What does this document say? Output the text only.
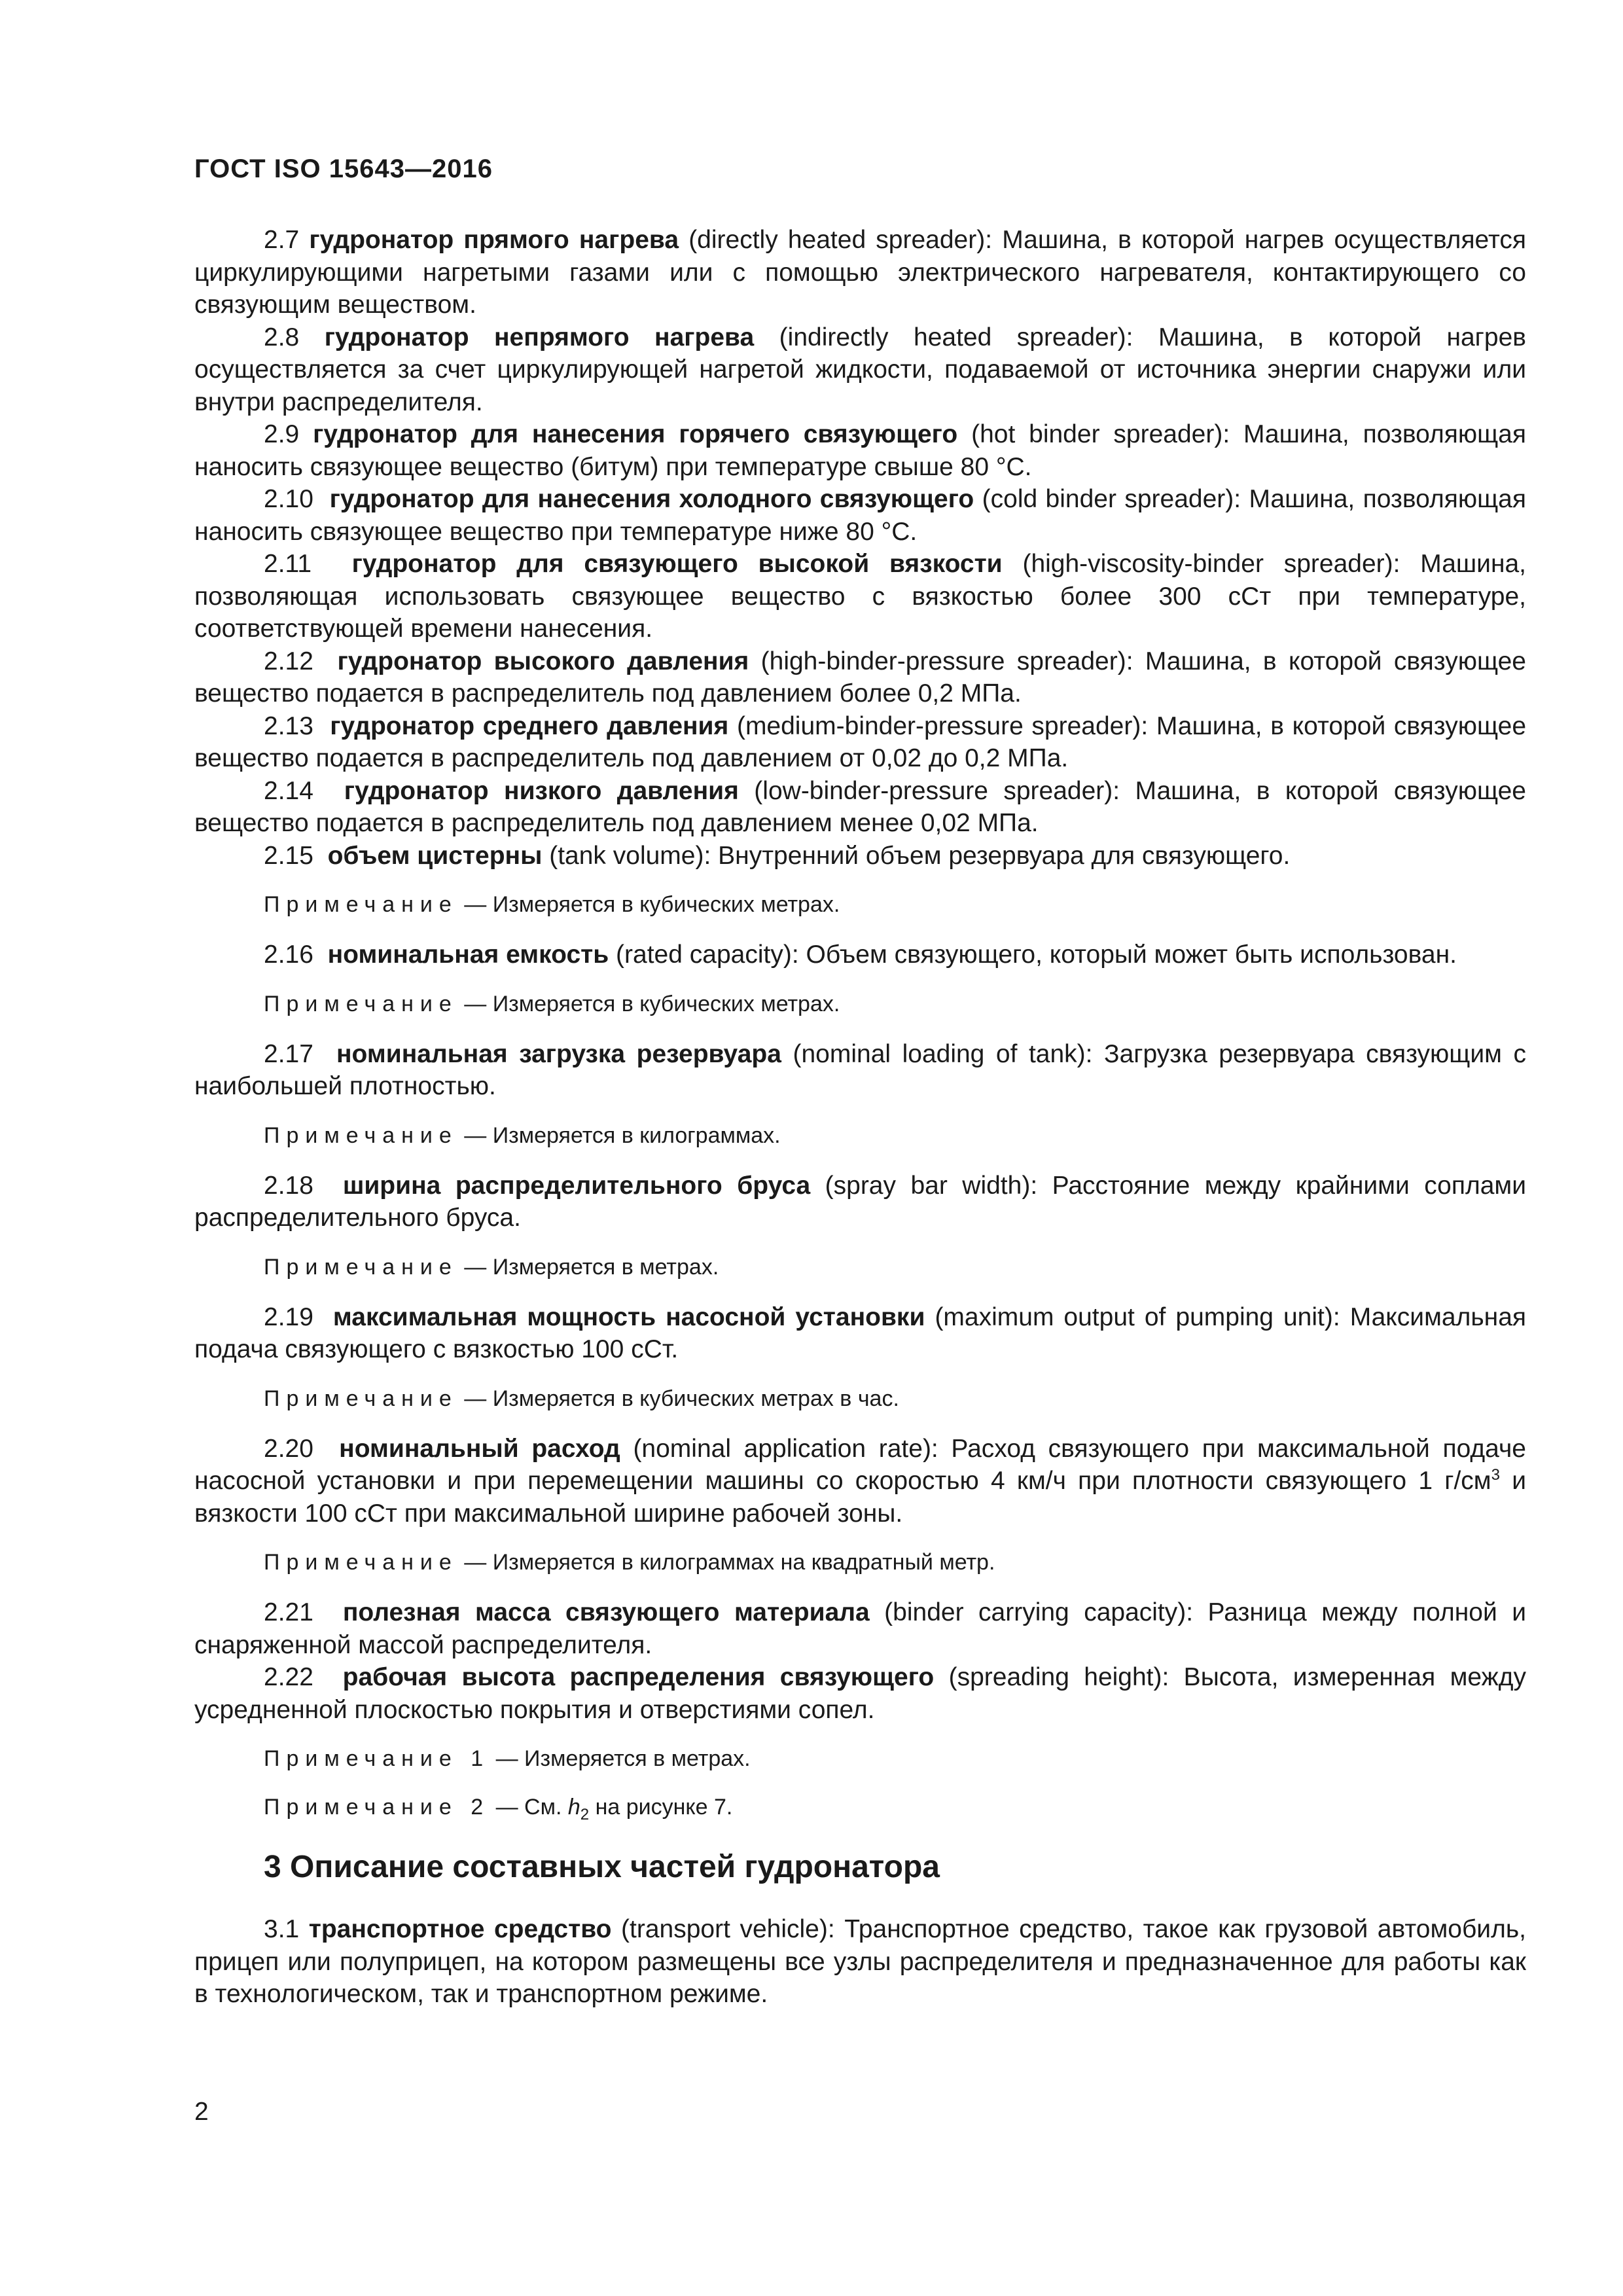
ГОСТ ISO 15643—2016

2.7 гудронатор прямого нагрева (directly heated spreader): Машина, в которой нагрев осуществляется циркулирующими нагретыми газами или с помощью электрического нагревателя, контактирующего со связующим веществом.

2.8 гудронатор непрямого нагрева (indirectly heated spreader): Машина, в которой нагрев осуществляется за счет циркулирующей нагретой жидкости, подаваемой от источника энергии снаружи или внутри распределителя.

2.9 гудронатор для нанесения горячего связующего (hot binder spreader): Машина, позволяющая наносить связующее вещество (битум) при температуре свыше 80 °С.

2.10 гудронатор для нанесения холодного связующего (cold binder spreader): Машина, позволяющая наносить связующее вещество при температуре ниже 80 °С.

2.11 гудронатор для связующего высокой вязкости (high-viscosity-binder spreader): Машина, позволяющая использовать связующее вещество с вязкостью более 300 сСт при температуре, соответствующей времени нанесения.

2.12 гудронатор высокого давления (high-binder-pressure spreader): Машина, в которой связующее вещество подается в распределитель под давлением более 0,2 МПа.

2.13 гудронатор среднего давления (medium-binder-pressure spreader): Машина, в которой связующее вещество подается в распределитель под давлением от 0,02 до 0,2 МПа.

2.14 гудронатор низкого давления (low-binder-pressure spreader): Машина, в которой связующее вещество подается в распределитель под давлением менее 0,02 МПа.

2.15 объем цистерны (tank volume): Внутренний объем резервуара для связующего.

Примечание — Измеряется в кубических метрах.

2.16 номинальная емкость (rated capacity): Объем связующего, который может быть использован.

Примечание — Измеряется в кубических метрах.

2.17 номинальная загрузка резервуара (nominal loading of tank): Загрузка резервуара связующим с наибольшей плотностью.

Примечание — Измеряется в килограммах.

2.18 ширина распределительного бруса (spray bar width): Расстояние между крайними соплами распределительного бруса.

Примечание — Измеряется в метрах.

2.19 максимальная мощность насосной установки (maximum output of pumping unit): Максимальная подача связующего с вязкостью 100 сСт.

Примечание — Измеряется в кубических метрах в час.

2.20 номинальный расход (nominal application rate): Расход связующего при максимальной подаче насосной установки и при перемещении машины со скоростью 4 км/ч при плотности связующего 1 $г/см^3$ и вязкости 100 сСт при максимальной ширине рабочей зоны.

Примечание — Измеряется в килограммах на квадратный метр.

2.21 полезная масса связующего материала (binder carrying capacity): Разница между полной и снаряженной массой распределителя.

2.22 рабочая высота распределения связующего (spreading height): Высота, измеренная между усредненной плоскостью покрытия и отверстиями сопел.

Примечание 1 — Измеряется в метрах.

Примечание 2 — См. $h_2$ на рисунке 7.

3 Описание составных частей гудронатора

3.1 транспортное средство (transport vehicle): Транспортное средство, такое как грузовой автомобиль, прицеп или полуприцеп, на котором размещены все узлы распределителя и предназначенное для работы как в технологическом, так и транспортном режиме.

2
